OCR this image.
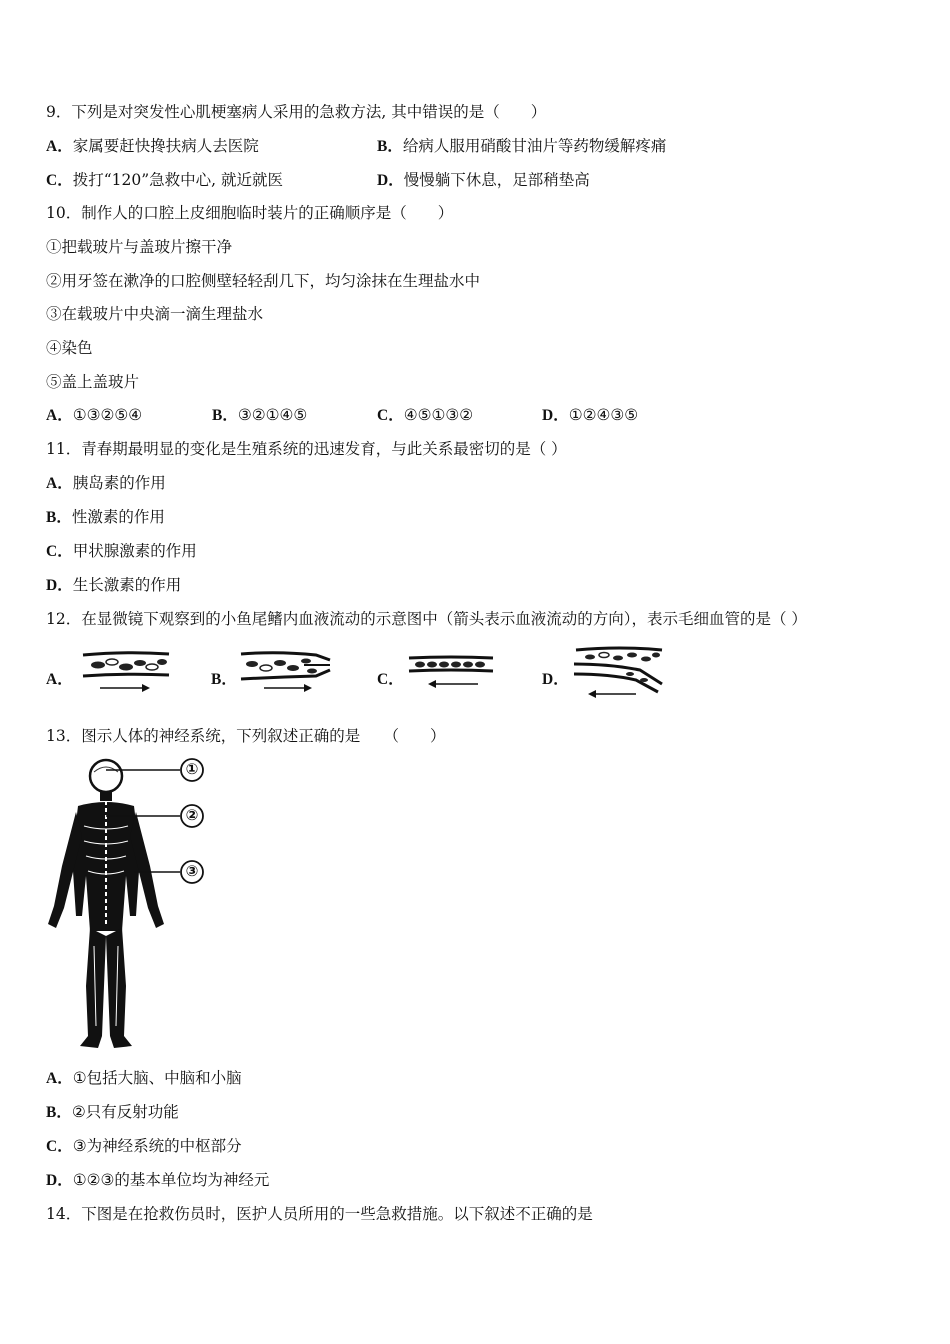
9．下列是对突发性心肌梗塞病人采用的急救方法, 其中错误的是（　　）
A．家属要赶快搀扶病人去医院	B．给病人服用硝酸甘油片等药物缓解疼痛
C．拨打“120”急救中心, 就近就医	D．慢慢躺下休息，足部稍垫高
10．制作人的口腔上皮细胞临时装片的正确顺序是（　　）
①把载玻片与盖玻片擦干净
②用牙签在漱净的口腔侧壁轻轻刮几下，均匀涂抹在生理盐水中
③在载玻片中央滴一滴生理盐水
④染色
⑤盖上盖玻片
A．①③②⑤④	B．③②①④⑤	C．④⑤①③②	D．①②④③⑤
11．青春期最明显的变化是生殖系统的迅速发育，与此关系最密切的是（ ）
A．胰岛素的作用
B．性激素的作用
C．甲状腺激素的作用
D．生长激素的作用
12．在显微镜下观察到的小鱼尾鳍内血液流动的示意图中（箭头表示血液流动的方向），表示毛细血管的是（ ）
A．	B．	C．	D．
13．图示人体的神经系统，下列叙述正确的是　　（　　）
①
②
③
A．①包括大脑、中脑和小脑
B．②只有反射功能
C．③为神经系统的中枢部分
D．①②③的基本单位均为神经元
14．下图是在抢救伤员时，医护人员所用的一些急救措施。以下叙述不正确的是
